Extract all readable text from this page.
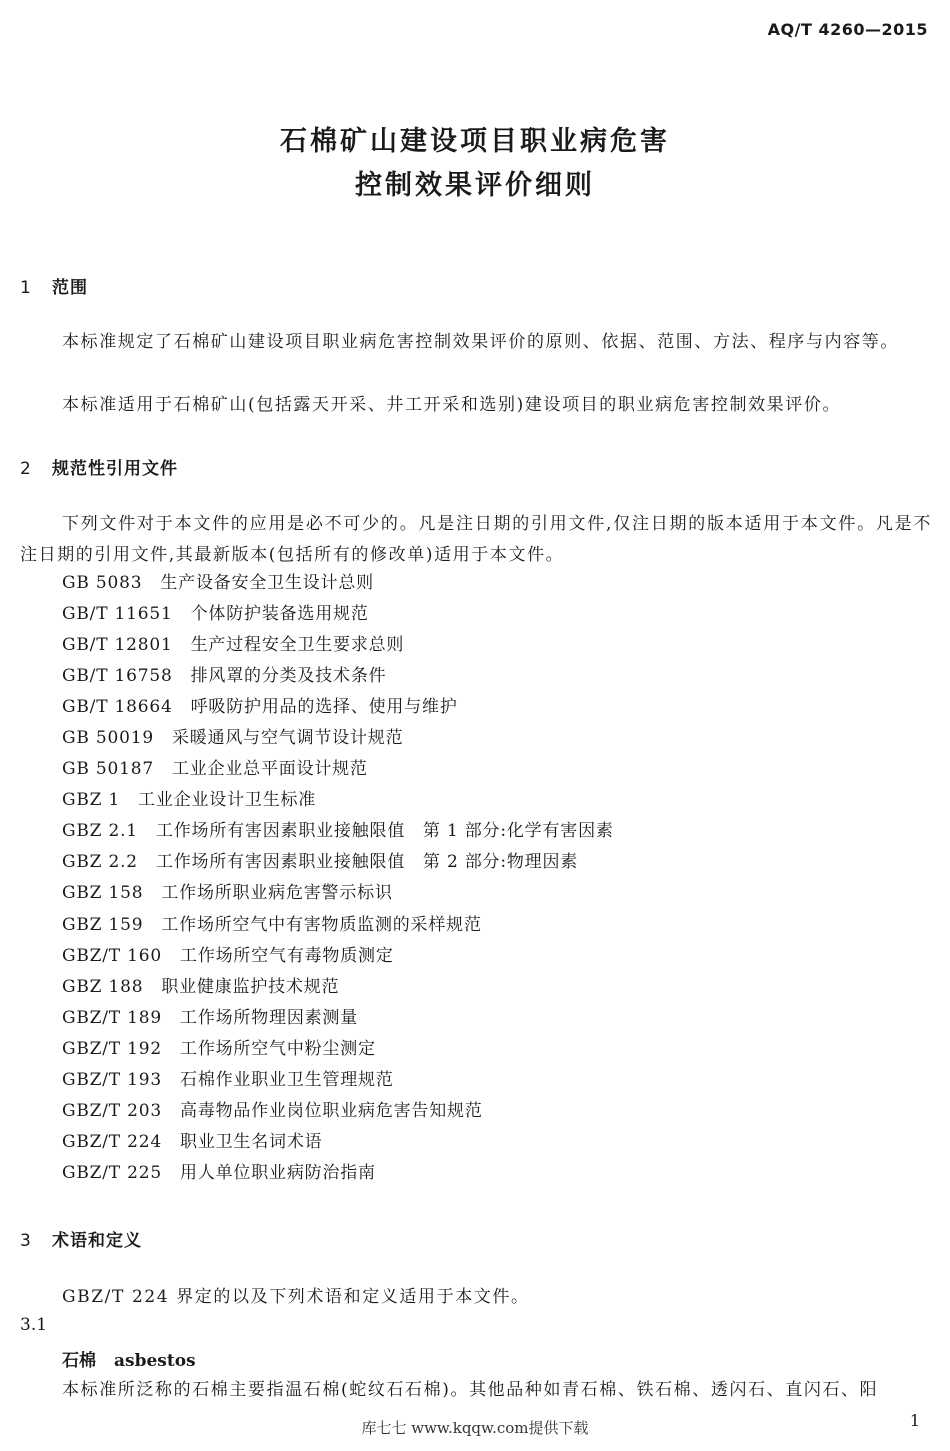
AQ/T 4260—2015
石棉矿山建设项目职业病危害
控制效果评价细则
1 范围
本标准规定了石棉矿山建设项目职业病危害控制效果评价的原则、依据、范围、方法、程序与内容等。
本标准适用于石棉矿山(包括露天开采、井工开采和选别)建设项目的职业病危害控制效果评价。
2 规范性引用文件
下列文件对于本文件的应用是必不可少的。凡是注日期的引用文件,仅注日期的版本适用于本文件。凡是不注日期的引用文件,其最新版本(包括所有的修改单)适用于本文件。
GB 5083 生产设备安全卫生设计总则
GB/T 11651 个体防护装备选用规范
GB/T 12801 生产过程安全卫生要求总则
GB/T 16758 排风罩的分类及技术条件
GB/T 18664 呼吸防护用品的选择、使用与维护
GB 50019 采暖通风与空气调节设计规范
GB 50187 工业企业总平面设计规范
GBZ 1 工业企业设计卫生标准
GBZ 2.1 工作场所有害因素职业接触限值　第 1 部分:化学有害因素
GBZ 2.2 工作场所有害因素职业接触限值　第 2 部分:物理因素
GBZ 158 工作场所职业病危害警示标识
GBZ 159 工作场所空气中有害物质监测的采样规范
GBZ/T 160 工作场所空气有毒物质测定
GBZ 188 职业健康监护技术规范
GBZ/T 189 工作场所物理因素测量
GBZ/T 192 工作场所空气中粉尘测定
GBZ/T 193 石棉作业职业卫生管理规范
GBZ/T 203 高毒物品作业岗位职业病危害告知规范
GBZ/T 224 职业卫生名词术语
GBZ/T 225 用人单位职业病防治指南
3 术语和定义
GBZ/T 224 界定的以及下列术语和定义适用于本文件。
3.1
石棉 asbestos
本标准所泛称的石棉主要指温石棉(蛇纹石石棉)。其他品种如青石棉、铁石棉、透闪石、直闪石、阳
库七七 www.kqqw.com提供下载	1
